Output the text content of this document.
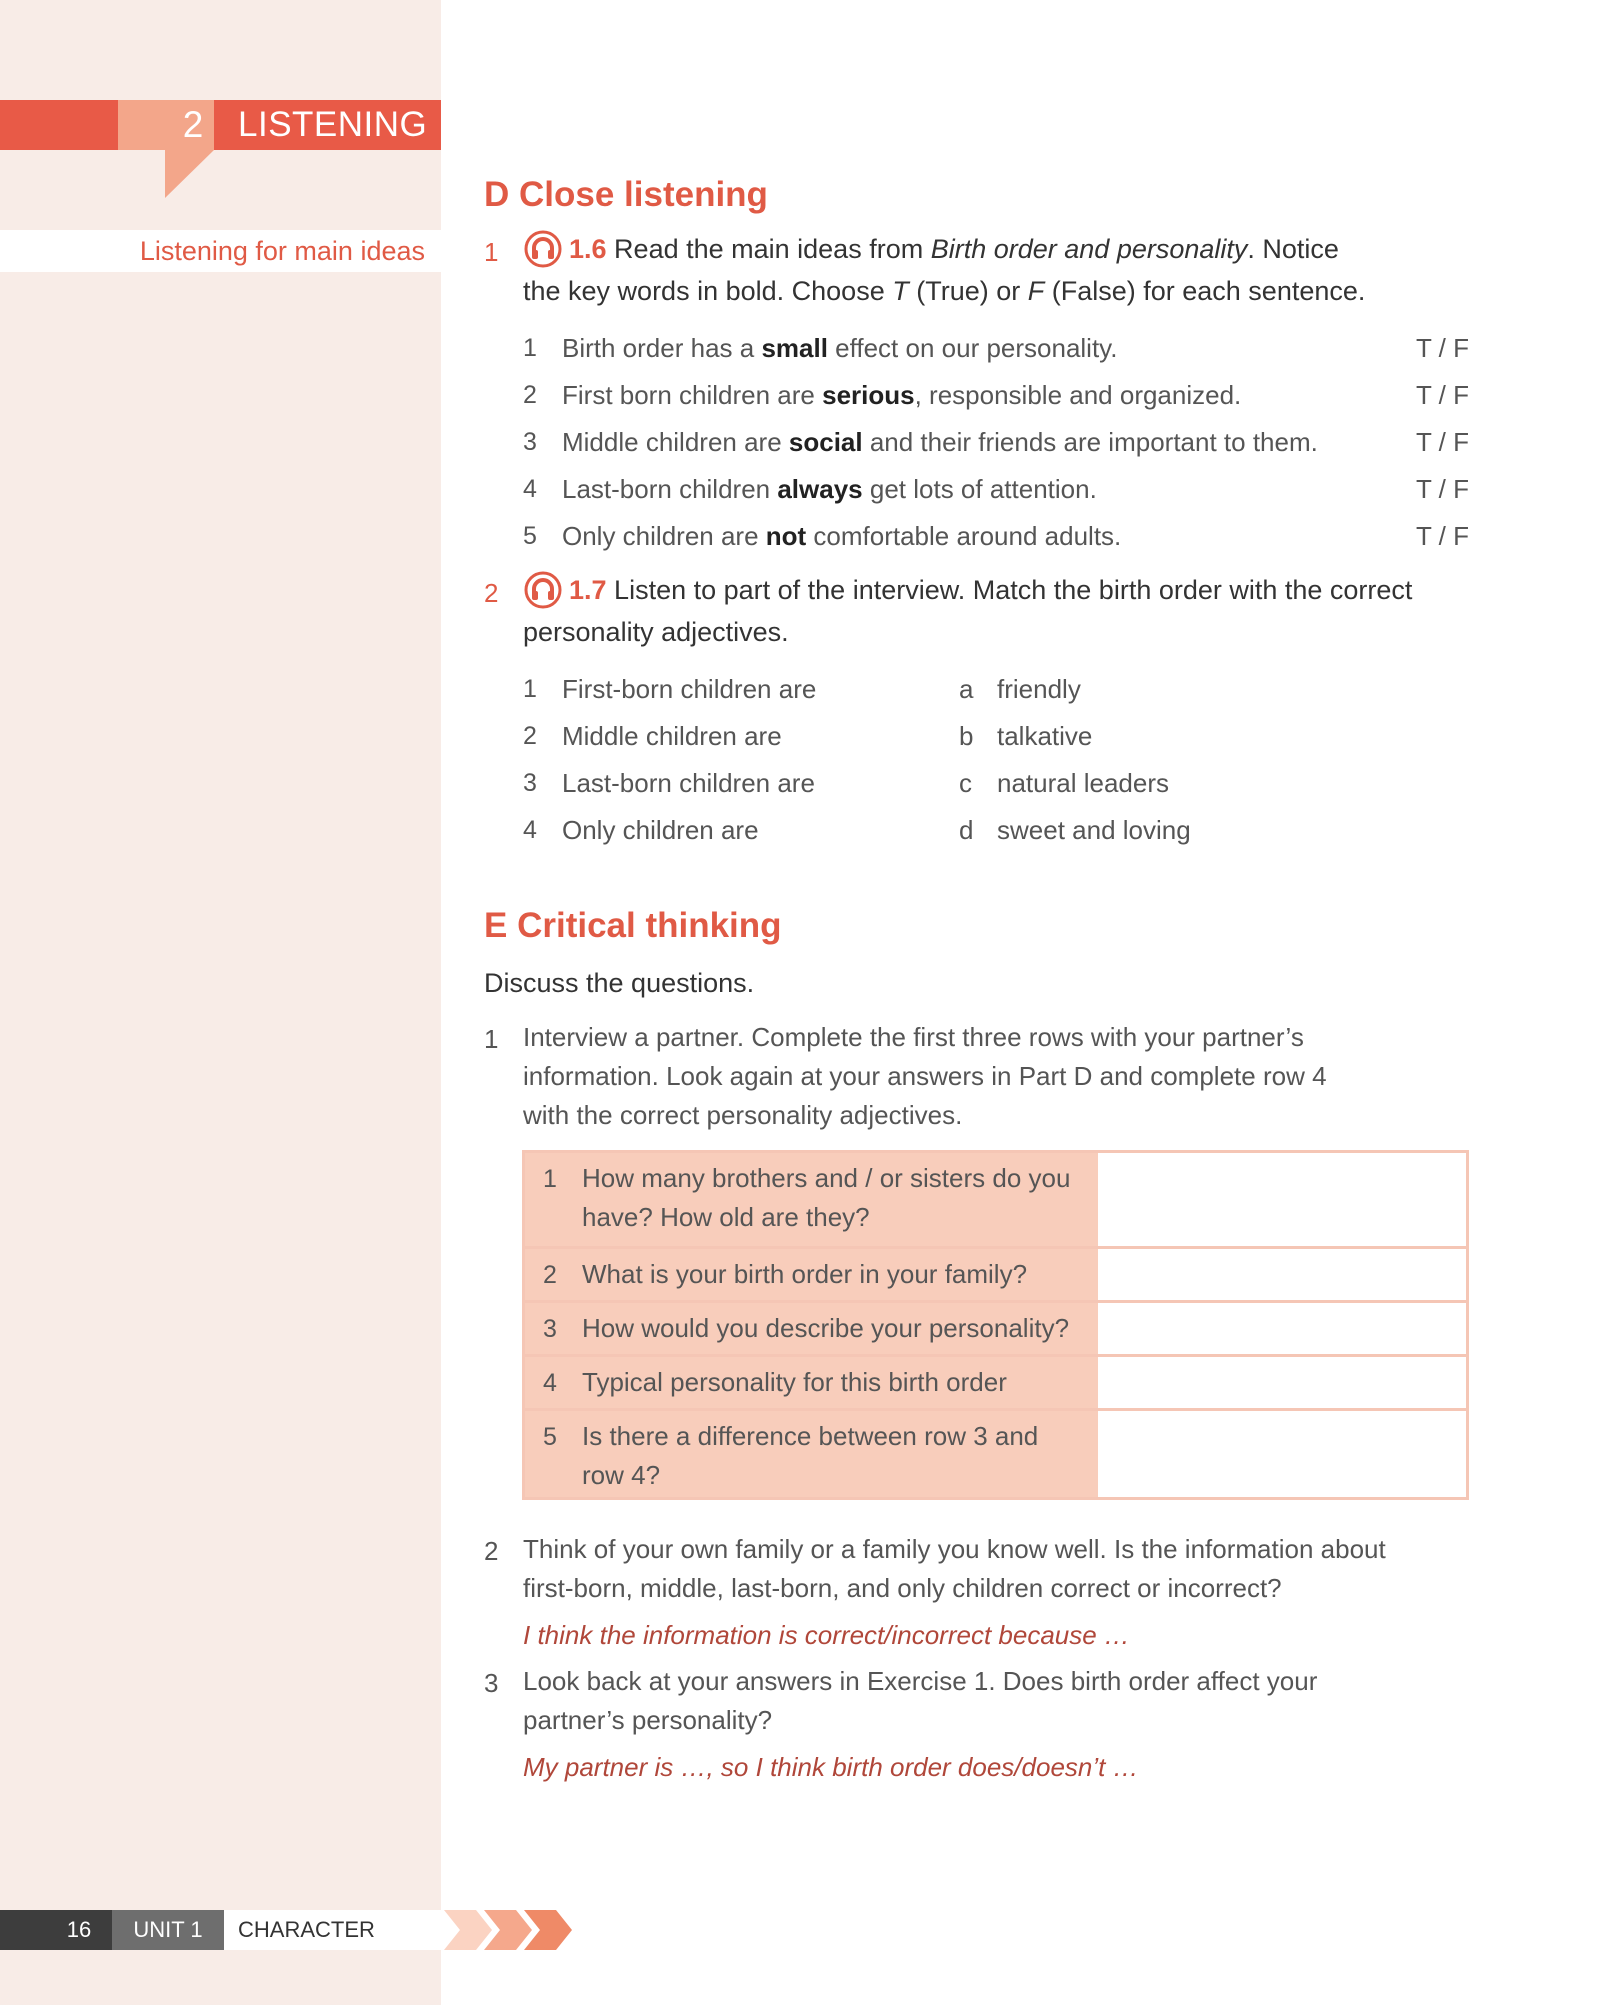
2 LISTENING
Listening for main ideas
D Close listening
1	1.6 Read the main ideas from Birth order and personality. Notice
the key words in bold. Choose T (True) or F (False) for each sentence.
1 Birth order has a small effect on our personality.	T / F
2 First born children are serious, responsible and organized.	T / F
3 Middle children are social and their friends are important to them.	T / F
4 Last-born children always get lots of attention.	T / F
5 Only children are not comfortable around adults.	T / F
2	1.7 Listen to part of the interview. Match the birth order with the correct
personality adjectives.
1 First-born children are	a friendly
2 Middle children are	b talkative
3 Last-born children are	c natural leaders
4 Only children are	d sweet and loving
E Critical thinking
Discuss the questions.
1 Interview a partner. Complete the first three rows with your partner’s
information. Look again at your answers in Part D and complete row 4
with the correct personality adjectives.
1 How many brothers and / or sisters do you have? How old are they?
2 What is your birth order in your family?
3 How would you describe your personality?
4 Typical personality for this birth order
5 Is there a difference between row 3 and row 4?
2 Think of your own family or a family you know well. Is the information about
first-born, middle, last-born, and only children correct or incorrect?
I think the information is correct/incorrect because …
3 Look back at your answers in Exercise 1. Does birth order affect your
partner’s personality?
My partner is …, so I think birth order does/doesn’t …
16	UNIT 1	CHARACTER
